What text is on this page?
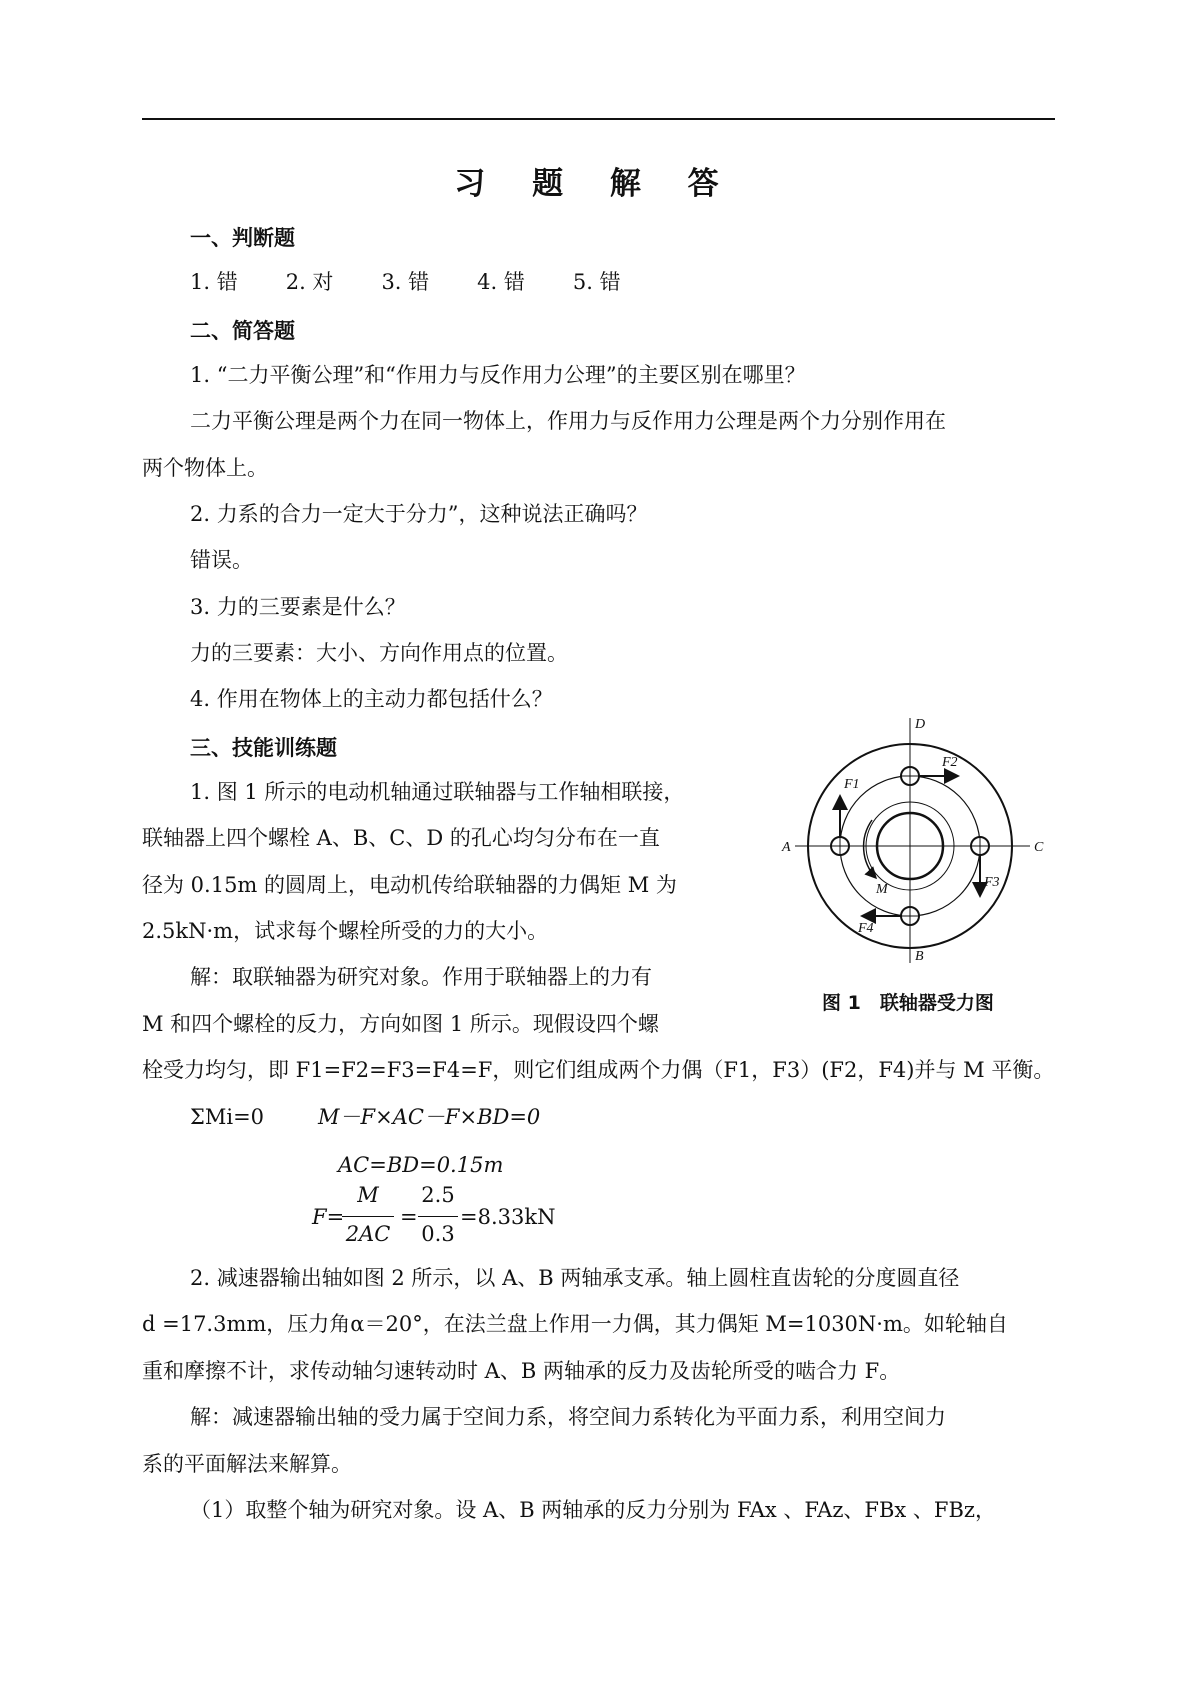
习 题 解 答
一、判断题
1. 错 2. 对 3. 错 4. 错 5. 错
二、简答题
1. “二力平衡公理”和“作用力与反作用力公理”的主要区别在哪里？
二力平衡公理是两个力在同一物体上，作用力与反作用力公理是两个力分别作用在
两个物体上。
2. 力系的合力一定大于分力”，这种说法正确吗？
错误。
3. 力的三要素是什么？
力的三要素：大小、方向作用点的位置。
4. 作用在物体上的主动力都包括什么？
三、技能训练题
1. 图 1 所示的电动机轴通过联轴器与工作轴相联接，
联轴器上四个螺栓 A、B、C、D 的孔心均匀分布在一直
径为 0.15m 的圆周上，电动机传给联轴器的力偶矩 M 为
2.5kN·m，试求每个螺栓所受的力的大小。
解：取联轴器为研究对象。作用于联轴器上的力有
M 和四个螺栓的反力，方向如图 1 所示。现假设四个螺
栓受力均匀，即 F1=F2=F3=F4=F，则它们组成两个力偶（F1，F3）(F2，F4)并与 M 平衡。
ΣMi=0	M－F×AC－F×BD=0
AC=BD=0.15m
F=
M
2AC
=
2.5
0.3
=8.33kN
2. 减速器输出轴如图 2 所示，以 A、B 两轴承支承。轴上圆柱直齿轮的分度圆直径
d =17.3mm，压力角α＝20°，在法兰盘上作用一力偶，其力偶矩 M=1030N·m。如轮轴自
重和摩擦不计，求传动轴匀速转动时 A、B 两轴承的反力及齿轮所受的啮合力 F。
解：减速器输出轴的受力属于空间力系，将空间力系转化为平面力系，利用空间力
系的平面解法来解算。
（1）取整个轴为研究对象。设 A、B 两轴承的反力分别为 FAx 、FAz、FBx 、FBz，
D
B
A	C
M
F2
F1
F3
F4
图 1　联轴器受力图
